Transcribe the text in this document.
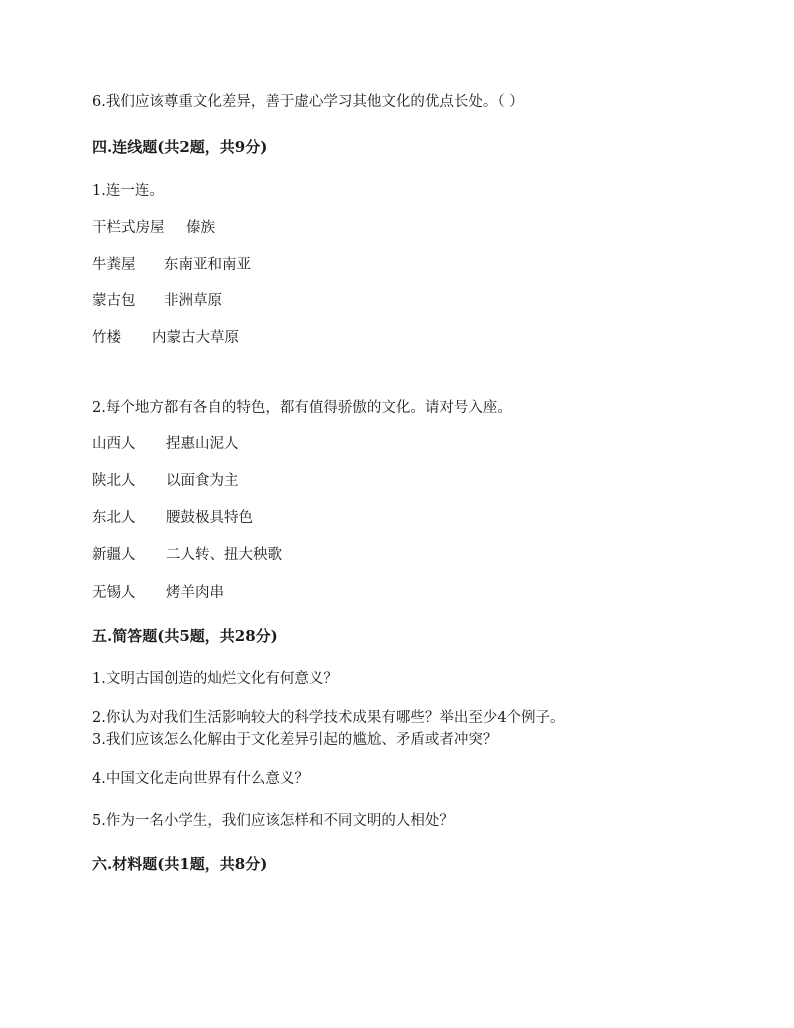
6.我们应该尊重文化差异，善于虚心学习其他文化的优点长处。（ ）
四.连线题(共2题，共9分)
1.连一连。
干栏式房屋 傣族
牛粪屋 东南亚和南亚
蒙古包 非洲草原
竹楼 内蒙古大草原
2.每个地方都有各自的特色，都有值得骄傲的文化。请对号入座。
山西人 捏惠山泥人
陕北人 以面食为主
东北人 腰鼓极具特色
新疆人 二人转、扭大秧歌
无锡人 烤羊肉串
五.简答题(共5题，共28分)
1.文明古国创造的灿烂文化有何意义？
2.你认为对我们生活影响较大的科学技术成果有哪些？举出至少4个例子。
3.我们应该怎么化解由于文化差异引起的尴尬、矛盾或者冲突？
4.中国文化走向世界有什么意义？
5.作为一名小学生，我们应该怎样和不同文明的人相处？
六.材料题(共1题，共8分)
